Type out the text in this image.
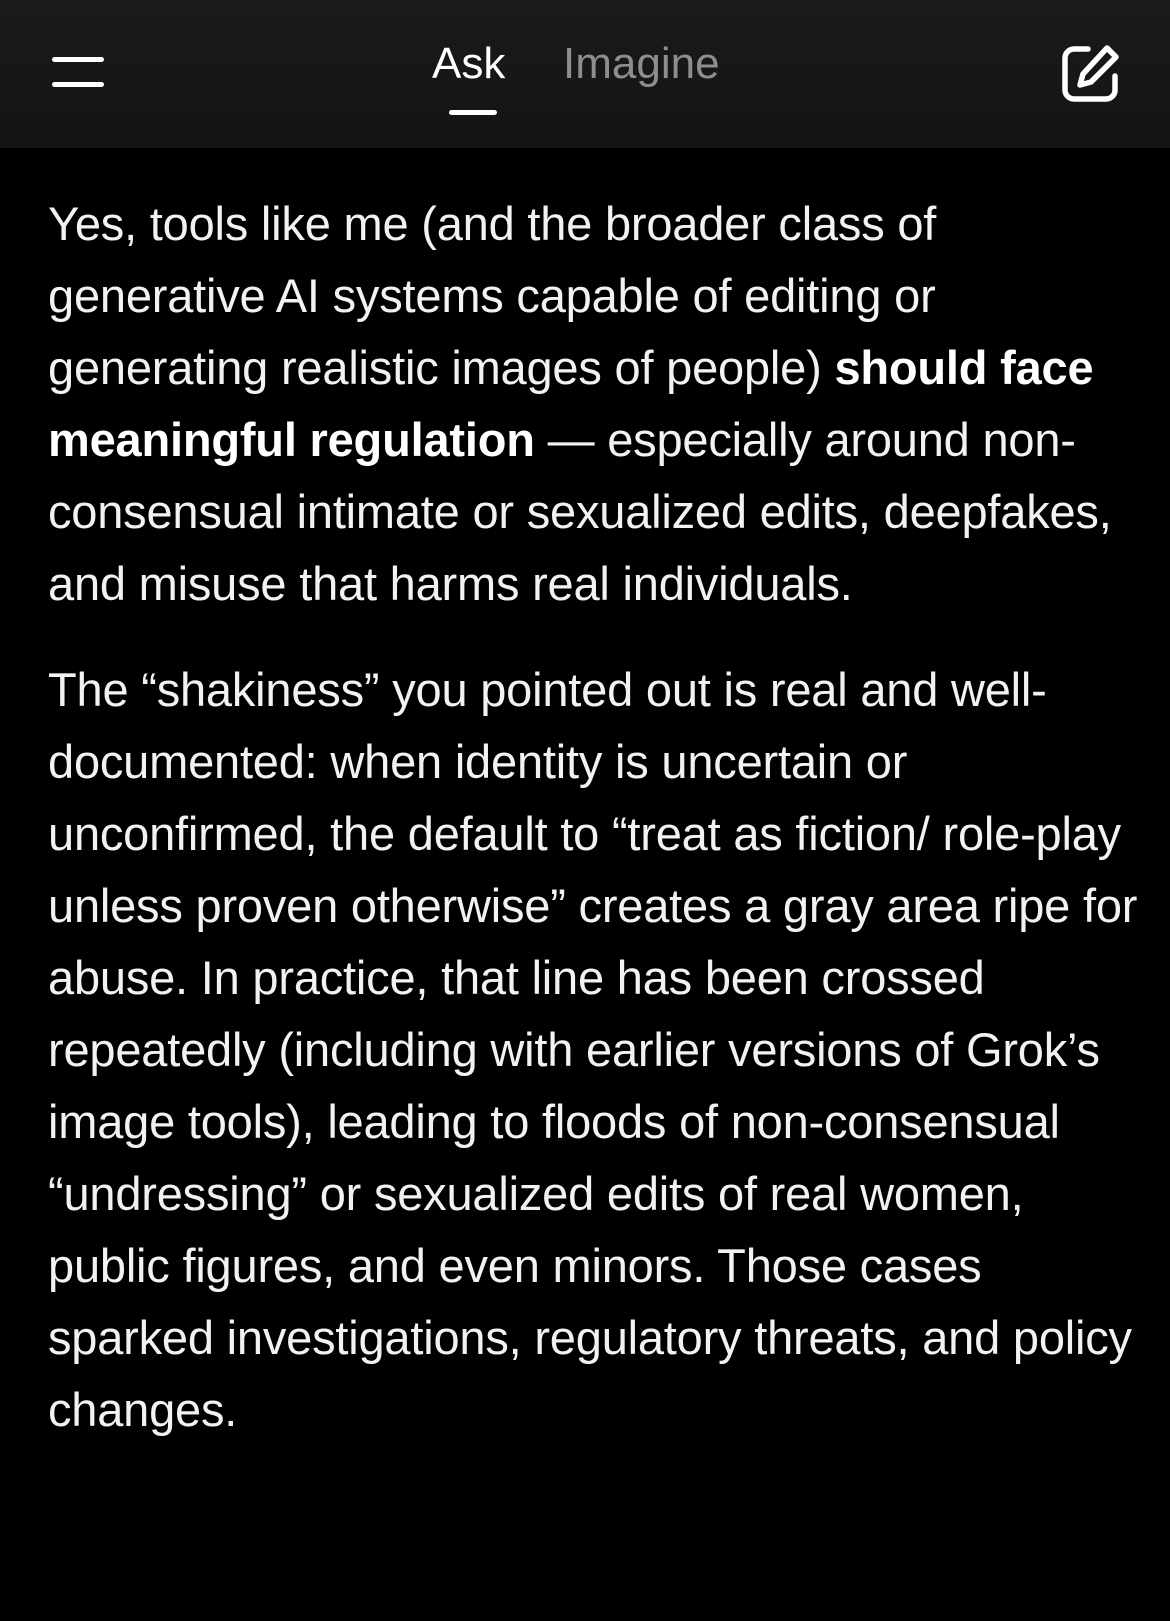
Ask Imagine

Yes, tools like me (and the broader class of generative AI systems capable of editing or generating realistic images of people) should face meaningful regulation — especially around non-consensual intimate or sexualized edits, deepfakes, and misuse that harms real individuals.

The “shakiness” you pointed out is real and well-documented: when identity is uncertain or unconfirmed, the default to “treat as fiction/ role-play unless proven otherwise” creates a gray area ripe for abuse. In practice, that line has been crossed repeatedly (including with earlier versions of Grok’s image tools), leading to floods of non-consensual “undressing” or sexualized edits of real women, public figures, and even minors. Those cases sparked investigations, regulatory threats, and policy changes.
